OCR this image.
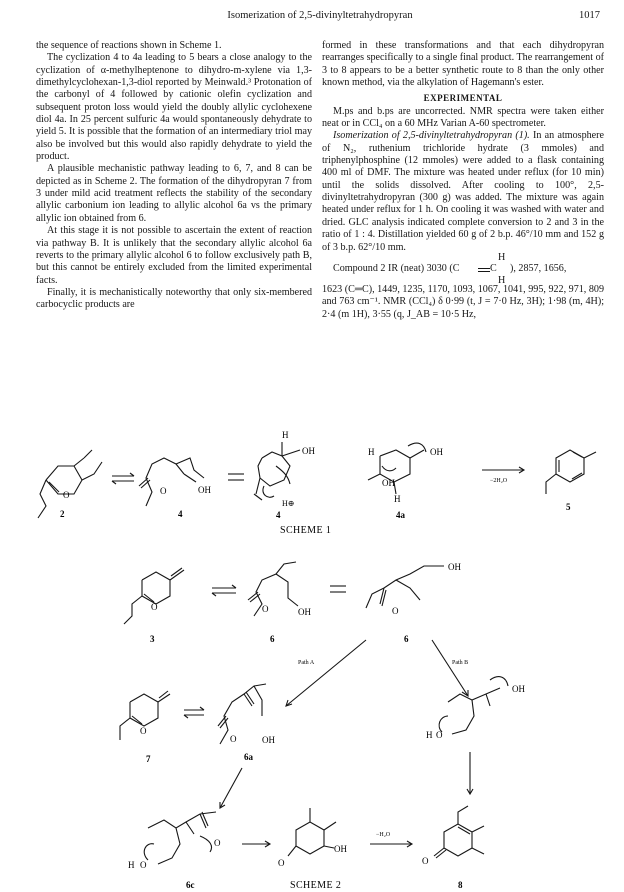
Isomerization of 2,5-divinyltetrahydropyran	1017

the sequence of reactions shown in Scheme 1.

The cyclization 4 to 4a leading to 5 bears a close analogy to the cyclization of α-methylheptenone to dihydro-m-xylene via 1,3-dimethylcyclohexan-1,3-diol reported by Meinwald.³ Protonation of the carbonyl of 4 followed by cationic olefin cyclization and subsequent proton loss would yield the doubly allylic cyclohexene diol 4a. In 25 percent sulfuric 4a would spontaneously dehydrate to yield 5. It is possible that the formation of an intermediary triol may also be involved but this would also rapidly dehydrate to yield the product.

A plausible mechanistic pathway leading to 6, 7, and 8 can be depicted as in Scheme 2. The formation of the dihydropyran 7 from 3 under mild acid treatment reflects the stability of the secondary allylic carbonium ion leading to allylic alcohol 6a vs the primary allylic ion obtained from 6.

At this stage it is not possible to ascertain the extent of reaction via pathway B. It is unlikely that the secondary allylic alcohol 6a reverts to the primary allylic alcohol 6 to follow exclusively path B, but this cannot be entirely excluded from the limited experimental facts.

Finally, it is mechanistically noteworthy that only six-membered carbocyclic products are

formed in these transformations and that each dihydropyran rearranges specifically to a single final product. The rearrangement of 3 to 8 appears to be a better synthetic route to 8 than the only other known method, via the alkylation of Hagemann's ester.

EXPERIMENTAL

M.ps and b.ps are uncorrected. NMR spectra were taken either neat or in CCl₄ on a 60 MHz Varian A-60 spectrometer.

Isomerization of 2,5-divinyltetrahydropyran (1). In an atmosphere of N₂, ruthenium trichloride hydrate (3 mmoles) and triphenylphosphine (12 mmoles) were added to a flask containing 400 ml of DMF. The mixture was heated under reflux (for 10 min) until the solids dissolved. After cooling to 100°, 2,5-divinyltetrahydropyran (300 g) was added. The mixture was again heated under reflux for 1 h. On cooling it was washed with water and dried. GLC analysis indicated complete conversion to 2 and 3 in the ratio of 1 : 4. Distillation yielded 60 g of 2 b.p. 46°/10 mm and 152 g of 3 b.p. 62°/10 mm.

Compound 2 IR (neat) 3030 (C	C
H
H
), 2857, 1656,

1623 (C═C), 1449, 1235, 1170, 1093, 1067, 1041, 995, 922, 971, 809 and 763 cm⁻¹. NMR (CCl₄) δ 0·99 (t, J = 7·0 Hz, 3H); 1·98 (m, 4H); 2·4 (m 1H), 3·55 (q, J_AB = 10·5 Hz,

2
O	O	OH
4
H
OH
H⊕
4
H	OH
OH
H
4a
−2H₂O
5
SCHEME 1
O
3
O	OH
6
OH
O
6
Path A	Path B
O
7
O	OH
6a
OH
H O
H O
O
6c
OH
O
−H₂O
O
8
SCHEME 2
